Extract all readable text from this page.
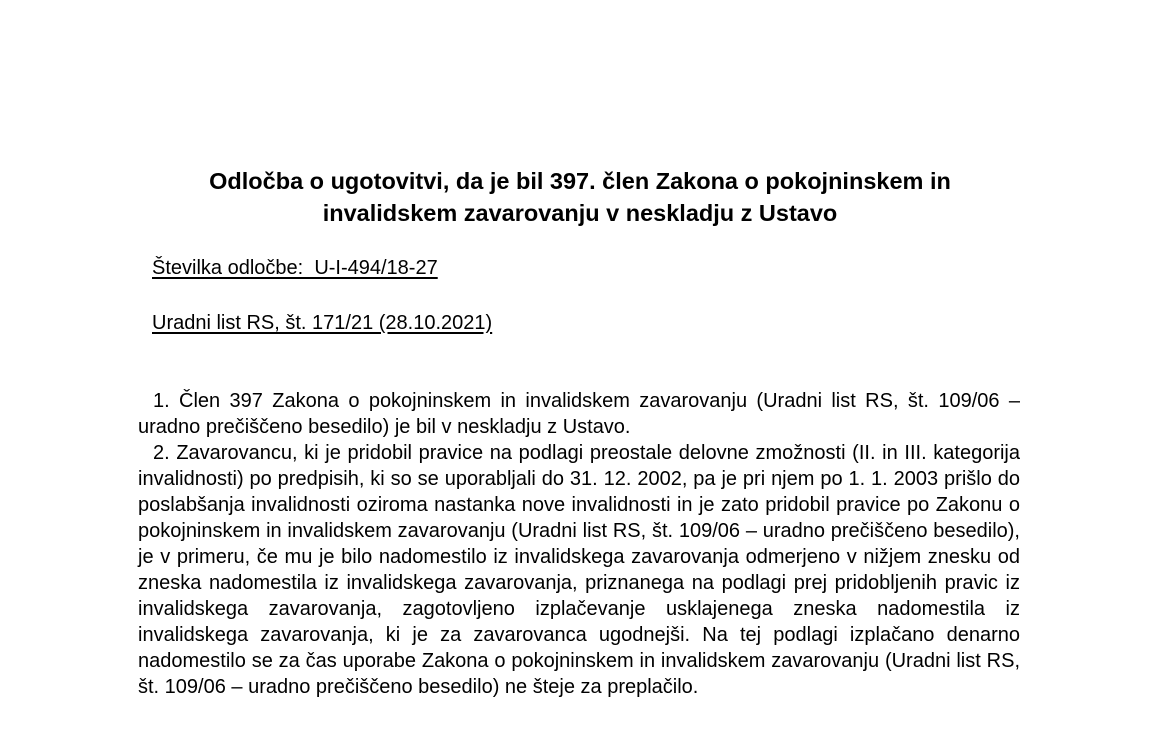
Odločba o ugotovitvi, da je bil 397. člen Zakona o pokojninskem in invalidskem zavarovanju v neskladju z Ustavo
Številka odločbe:  U-I-494/18-27
Uradni list RS, št. 171/21 (28.10.2021)

1. Člen 397 Zakona o pokojninskem in invalidskem zavarovanju (Uradni list RS, št. 109/06 – uradno prečiščeno besedilo) je bil v neskladju z Ustavo.

2. Zavarovancu, ki je pridobil pravice na podlagi preostale delovne zmožnosti (II. in III. kategorija invalidnosti) po predpisih, ki so se uporabljali do 31. 12. 2002, pa je pri njem po 1. 1. 2003 prišlo do poslabšanja invalidnosti oziroma nastanka nove invalidnosti in je zato pridobil pravice po Zakonu o pokojninskem in invalidskem zavarovanju (Uradni list RS, št. 109/06 – uradno prečiščeno besedilo), je v primeru, če mu je bilo nadomestilo iz invalidskega zavarovanja odmerjeno v nižjem znesku od zneska nadomestila iz invalidskega zavarovanja, priznanega na podlagi prej pridobljenih pravic iz invalidskega zavarovanja, zagotovljeno izplačevanje usklajenega zneska nadomestila iz invalidskega zavarovanja, ki je za zavarovanca ugodnejši. Na tej podlagi izplačano denarno nadomestilo se za čas uporabe Zakona o pokojninskem in invalidskem zavarovanju (Uradni list RS, št. 109/06 – uradno prečiščeno besedilo) ne šteje za preplačilo.
